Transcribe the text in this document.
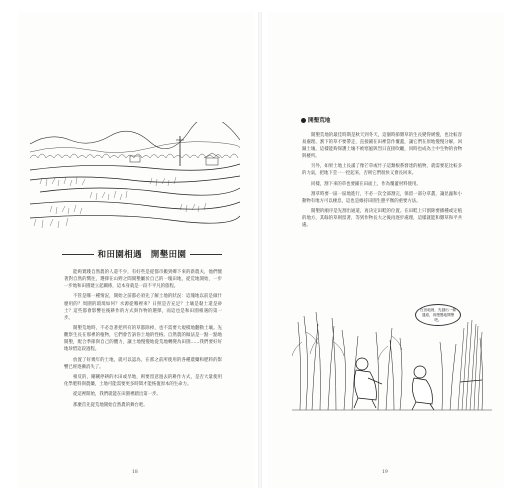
和田園相遇　開墾田園

能夠實踐自然農的人還不少，有好些是從都市搬到鄉下來的新農夫，他們懷著對自然的嚮往，選擇在山野之間開墾屬於自己的一塊田地，從荒地開始，一步一步地和田園建立起關係，這本身就是一段不平凡的旅程。

不管是哪一種情況，開始之前都必須先了解土地的狀況：這塊地以前是做什麼用的？周圍的環境如何？水源從哪裡來？日照是否充足？土壤是黏土還是砂土？這些都會影響往後耕作的方式與作物的選擇，而這也是和田園相遇的第一步。

開墾荒地時，不必急著把所有的草都除掉，也不需要大規模地翻動土壤。先觀察生長在那裡的植物，它們會告訴你土地的性格。自然農的做法是一點一點地開墾，配合季節與自己的體力，讓土地慢慢地從荒地轉變為田園……我們要好好地珍惜這段過程。

放置了好幾年的土地，就可以認為，在那之前所使用的各種農藥和肥料的影響已經逐漸消失了。

相反的，剛剛停耕的水田或旱地，則要留意過去的耕作方式，是否大量使用化學肥料與農藥，土地可能需要更多時間才能恢復原本的生命力。

從這裡開始，我們就能在田園裡踏出第一步。

那麼首先從荒地開始自然農的舞台吧。

18
開墾荒地

開墾荒地的最佳時期是秋天到冬天，這個時節雜草的生長變得緩慢，也比較容易處理。割下的草不要帶走，直接鋪在田裡當作覆蓋，讓它們在原地慢慢分解，回歸土壤，這樣能夠保護土壤不被寒風與烈日直接吹曬，同時也成為土中生物的食物與棲所。

另外，如果土地上長滿了像芒草或竹子這類根系發達的植物，就需要花比較多的力氣，把地下莖一一挖起來，否則它們很快又會長回來。

同樣，割下來的草也要鋪在田面上，作為覆蓋材料使用。

割草時要一區一區地進行，不必一次全部割完，保留一部分草叢，讓昆蟲和小動物有地方可以棲息，這也是維持田園生態平衡的重要方法。

開墾的順序是先割出通道，再決定田畦的位置。在田畦上只割除要播種或定植的地方，其餘的草則留著，等到作物長大之後再逐步處理，這樣就能和雜草和平共處。

在田地裡，先割出一條通道，再慢慢地開墾吧。
19
